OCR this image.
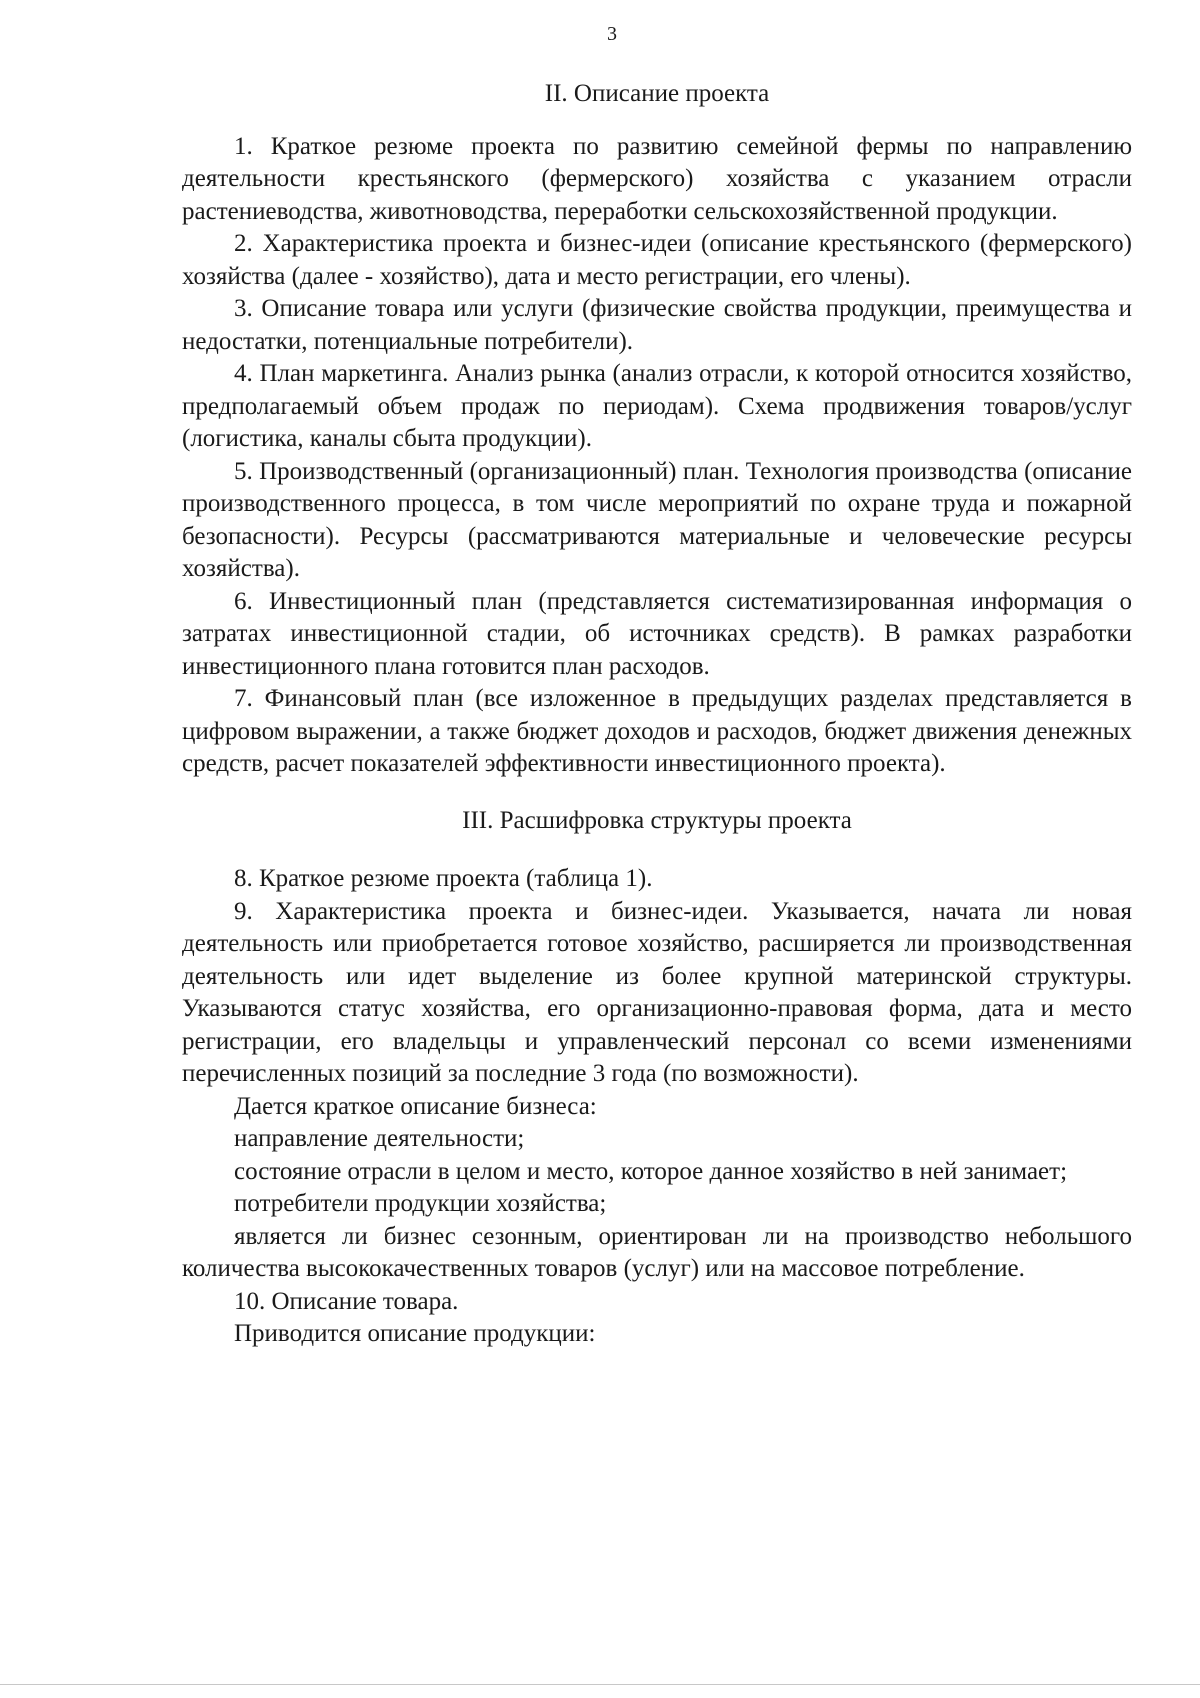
3

II. Описание проекта

1. Краткое резюме проекта по развитию семейной фермы по направлению деятельности крестьянского (фермерского) хозяйства с указанием отрасли растениеводства, животноводства, переработки сельскохозяйственной продукции.

2. Характеристика проекта и бизнес-идеи (описание крестьянского (фермерского) хозяйства (далее - хозяйство), дата и место регистрации, его члены).

3. Описание товара или услуги (физические свойства продукции, преимущества и недостатки, потенциальные потребители).

4. План маркетинга. Анализ рынка (анализ отрасли, к которой относится хозяйство, предполагаемый объем продаж по периодам). Схема продвижения товаров/услуг (логистика, каналы сбыта продукции).

5. Производственный (организационный) план. Технология производства (описание производственного процесса, в том числе мероприятий по охране труда и пожарной безопасности). Ресурсы (рассматриваются материальные и человеческие ресурсы хозяйства).

6. Инвестиционный план (представляется систематизированная информация о затратах инвестиционной стадии, об источниках средств). В рамках разработки инвестиционного плана готовится план расходов.

7. Финансовый план (все изложенное в предыдущих разделах представляется в цифровом выражении, а также бюджет доходов и расходов, бюджет движения денежных средств, расчет показателей эффективности инвестиционного проекта).

III. Расшифровка структуры проекта

8. Краткое резюме проекта (таблица 1).

9. Характеристика проекта и бизнес-идеи. Указывается, начата ли новая деятельность или приобретается готовое хозяйство, расширяется ли производственная деятельность или идет выделение из более крупной материнской структуры. Указываются статус хозяйства, его организационно-правовая форма, дата и место регистрации, его владельцы и управленческий персонал со всеми изменениями перечисленных позиций за последние 3 года (по возможности).

Дается краткое описание бизнеса:

направление деятельности;

состояние отрасли в целом и место, которое данное хозяйство в ней занимает;

потребители продукции хозяйства;

является ли бизнес сезонным, ориентирован ли на производство небольшого количества высококачественных товаров (услуг) или на массовое потребление.

10. Описание товара.

Приводится описание продукции:
